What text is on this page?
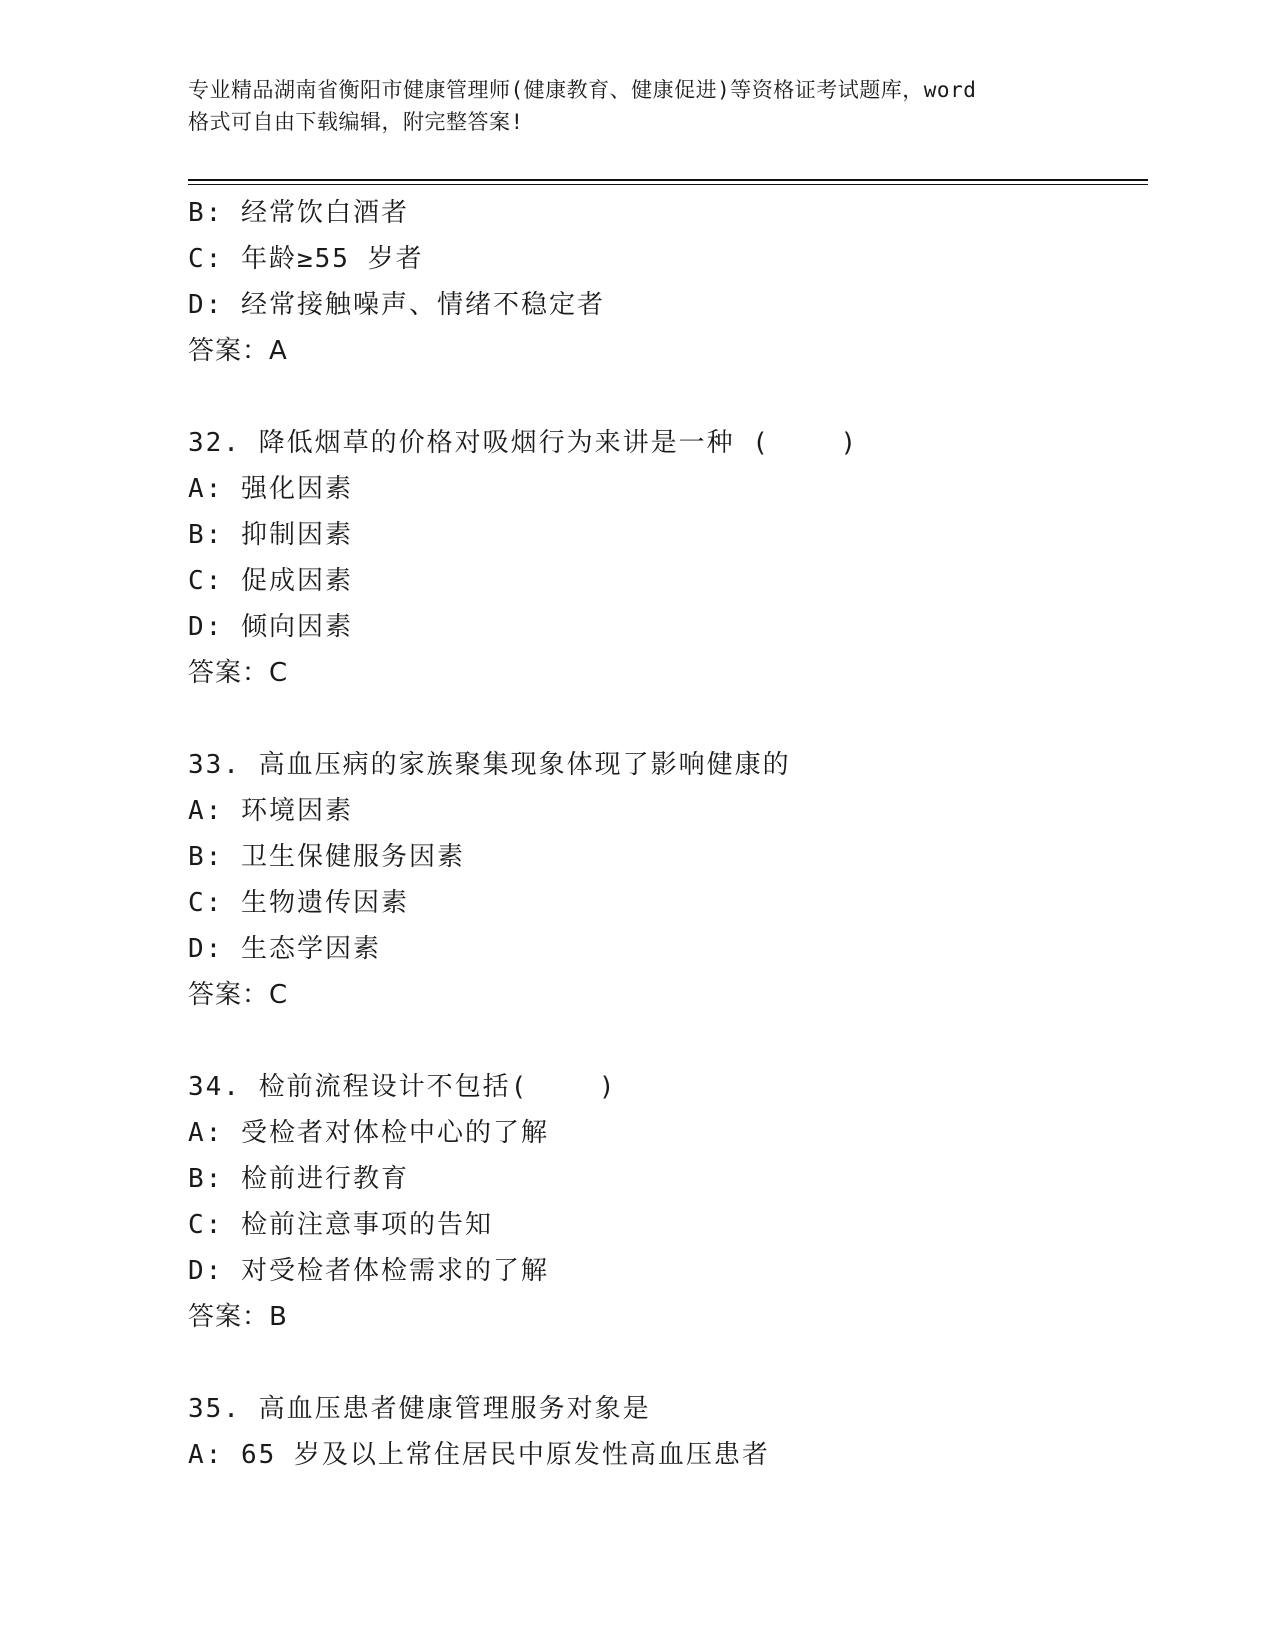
专业精品湖南省衡阳市健康管理师(健康教育、健康促进)等资格证考试题库，word
格式可自由下载编辑，附完整答案!
B: 经常饮白酒者
C: 年龄≥55 岁者
D: 经常接触噪声、情绪不稳定者
答案：A
32. 降低烟草的价格对吸烟行为来讲是一种 (    )
A: 强化因素
B: 抑制因素
C: 促成因素
D: 倾向因素
答案：C
33. 高血压病的家族聚集现象体现了影响健康的
A: 环境因素
B: 卫生保健服务因素
C: 生物遗传因素
D: 生态学因素
答案：C
34. 检前流程设计不包括(    )
A: 受检者对体检中心的了解
B: 检前进行教育
C: 检前注意事项的告知
D: 对受检者体检需求的了解
答案：B
35. 高血压患者健康管理服务对象是
A: 65 岁及以上常住居民中原发性高血压患者
